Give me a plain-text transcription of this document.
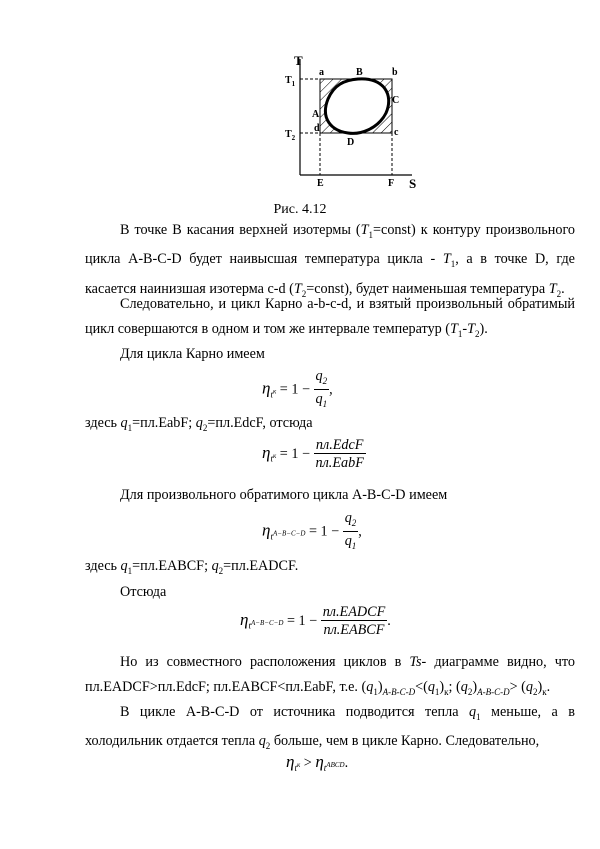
T
S
$T_1$
$T_2$
a	B	b
C
A
d	c
D
E	F
Рис. 4.12
В точке В касания верхней изотермы $(T_1=const)$ к контуру произвольного цикла А-В-С-D будет наивысшая температура цикла - $T_1$, а в точке D, где касается наинизшая изотерма c-d $(T_2=const)$, будет наименьшая температура $T_2$.
Следовательно, и цикл Карно a-b-c-d, и взятый произвольный обратимый цикл совершаются в одном и том же интервале температур $(T_1-T_2)$.
Для цикла Карно имеем
$\eta_tк = 1 - \frac{q_2}{q_1}$ ,
здесь $q_1=пл.EabF$; $q_2=пл.EdcF$, отсюда
$\eta_tк = 1 - \frac{\text{пл.EdcF}}{\text{пл.EabF}}$
Для произвольного обратимого цикла A-B-C-D имеем
$\eta_tA-B-C-D = 1 - \frac{q_2}{q_1}$ ,
здесь $q_1=пл.EABCF$; $q_2=пл.EADCF$.
Отсюда
$\eta_tA-B-C-D = 1 - \frac{\text{пл.EADCF}}{\text{пл.EABCF}}$ .
Но из совместного расположения циклов в Ts- диаграмме видно, что пл.EADCF>пл.EdcF; пл.EABCF<пл.EabF, т.е. $(q_1)_{A-B-C-D}<(q_1)_к$; $(q_2)_{A-B-C-D}> (q_2)_к$.
В цикле A-B-C-D от источника подводится тепла $q_1$ меньше, а в холодильник отдается тепла $q_2$ больше, чем в цикле Карно. Следовательно,
$\eta_tк$ > $\eta_tABCD$.
